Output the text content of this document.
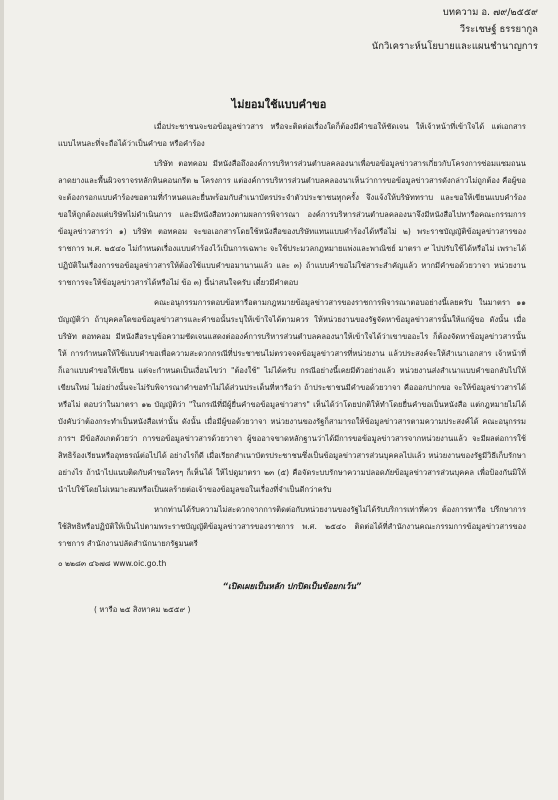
บทความ อ. ๗๙/๒๕๕๙
วีระเชษฐ์ ธรรยากูล
นักวิเคราะห์นโยบายและแผนชำนาญการ
ไม่ยอมใช้แบบคำขอ

เมื่อประชาชนจะขอข้อมูลข่าวสาร หรือจะติดต่อเรื่องใดก็ต้องมีคำขอให้ชัดเจน ให้เจ้าหน้าที่เข้าใจได้ แต่เอกสารแบบไหนละที่จะถือได้ว่าเป็นคำขอ หรือคำร้อง

บริษัท ตอทคอม มีหนังสือถึงองค์การบริหารส่วนตำบลคลองนาเพื่อขอข้อมูลข่าวสารเกี่ยวกับโครงการซ่อมแซมถนนลาดยางและพื้นผิวจราจรหลักหินคอนกรีต ๒ โครงการ แต่องค์การบริหารส่วนตำบลคลองนาเห็นว่าการขอข้อมูลข่าวสารดังกล่าวไม่ถูกต้อง คือผู้ขอจะต้องกรอกแบบคำร้องขอตามที่กำหนดและยื่นพร้อมกับสำเนาบัตรประจำตัวประชาชนทุกครั้ง จึงแจ้งให้บริษัททราบ และขอให้เขียนแบบคำร้องขอให้ถูกต้องแต่บริษัทไม่ดำเนินการ และมีหนังสือทวงตามผลการพิจารณา องค์การบริหารส่วนตำบลคลองนาจึงมีหนังสือไปหารือคณะกรรมการข้อมูลข่าวสารว่า ๑) บริษัท ตอทคอม จะขอเอกสารโดยใช้หนังสือของบริษัทแทนแบบคำร้องได้หรือไม่ ๒) พระราชบัญญัติข้อมูลข่าวสารของราชการ พ.ศ. ๒๕๔๐ ไม่กำหนดเรื่องแบบคำร้องไว้เป็นการเฉพาะ จะใช้ประมวลกฎหมายแพ่งและพาณิชย์ มาตรา ๙ ไปปรับใช้ได้หรือไม่ เพราะได้ปฏิบัติในเรื่องการขอข้อมูลข่าวสารให้ต้องใช้แบบคำขอมานานแล้ว และ ๓) ถ้าแบบคำขอไม่ใช่สาระสำคัญแล้ว หากมีคำขอด้วยวาจา หน่วยงานราชการจะให้ข้อมูลข่าวสารได้หรือไม่ ข้อ ๓) นี้น่าสนใจครับ เดี๋ยวมีคำตอบ

คณะอนุกรรมการตอบข้อหารือตามกฎหมายข้อมูลข่าวสารของราชการพิจารณาตอบอย่างนี้เลยครับ ในมาตรา ๑๑ บัญญัติว่า ถ้าบุคคลใดขอข้อมูลข่าวสารและคำขอนั้นระบุให้เข้าใจได้ตามควร ให้หน่วยงานของรัฐจัดหาข้อมูลข่าวสารนั้นให้แก่ผู้ขอ ดังนั้น เมื่อบริษัท ตอทคอม มีหนังสือระบุข้อความชัดเจนแสดงต่อองค์การบริหารส่วนตำบลคลองนาให้เข้าใจได้ว่าเขาขออะไร ก็ต้องจัดหาข้อมูลข่าวสารนั้นให้ การกำหนดให้ใช้แบบคำขอเพื่อความสะดวกกรณีที่ประชาชนไม่ตรวจจดข้อมูลข่าวสารที่หน่วยงาน แล้วประสงค์จะให้สำเนาเอกสาร เจ้าหน้าที่ก็เอาแบบคำขอให้เขียน แต่จะกำหนดเป็นเงื่อนไขว่า "ต้องใช้" ไม่ได้ครับ กรณีอย่างนี้เคยมีตัวอย่างแล้ว หน่วยงานส่งสำเนาแบบคำขอกลับไปให้เขียนใหม่ ไม่อย่างนั้นจะไม่รับพิจารณาคำขอทำไม่ได้ส่วนประเด็นที่หารือว่า ถ้าประชาชนมีคำขอด้วยวาจา คือออกปากขอ จะให้ข้อมูลข่าวสารได้หรือไม่ ตอบว่าในมาตรา ๑๒ บัญญัติว่า "ในกรณีที่มีผู้ยื่นคำขอข้อมูลข่าวสาร" เห็นได้ว่าโดยปกติให้ทำโดยยื่นคำขอเป็นหนังสือ แต่กฎหมายไม่ได้บังคับว่าต้องกระทำเป็นหนังสือเท่านั้น ดังนั้น เมื่อมีผู้ขอด้วยวาจา หน่วยงานของรัฐก็สามารถให้ข้อมูลข่าวสารตามความประสงค์ได้ คณะอนุกรรมการฯ มีข้อสังเกตด้วยว่า การขอข้อมูลข่าวสารด้วยวาจา ผู้ขออาจขาดหลักฐานว่าได้มีการขอข้อมูลข่าวสารจากหน่วยงานแล้ว จะมีผลต่อการใช้สิทธิร้องเรียนหรืออุทธรณ์ต่อไปได้ อย่างไรก็ดี เมื่อเรียกสำเนาบัตรประชาชนซึ่งเป็นข้อมูลข่าวสารส่วนบุคคลไปแล้ว หน่วยงานของรัฐมีวิธีเก็บรักษาอย่างไร ถ้านำไปแนบติดกับคำขอใครๆ ก็เห็นได้ ให้ไปดูมาตรา ๒๓ (๕) คือจัดระบบรักษาความปลอดภัยข้อมูลข่าวสารส่วนบุคคล เพื่อป้องกันมิให้นำไปใช้โดยไม่เหมาะสมหรือเป็นผลร้ายต่อเจ้าของข้อมูลขอในเรื่องที่จำเป็นดีกว่าครับ

หากท่านได้รับความไม่สะดวกจากการติดต่อกับหน่วยงานของรัฐไม่ได้รับบริการเท่าที่ควร ต้องการหารือ ปรึกษาการใช้สิทธิหรือปฏิบัติให้เป็นไปตามพระราชบัญญัติข้อมูลข่าวสารของราชการ พ.ศ. ๒๕๔๐ ติดต่อได้ที่สำนักงานคณะกรรมการข้อมูลข่าวสารของราชการ สำนักงานปลัดสำนักนายกรัฐมนตรี

๐ ๒๒๘๓ ๔๖๗๘ www.oic.go.th
“เปิดเผยเป็นหลัก ปกปิดเป็นข้อยกเว้น”
( หารือ ๒๕ สิงหาคม ๒๕๕๙ )
